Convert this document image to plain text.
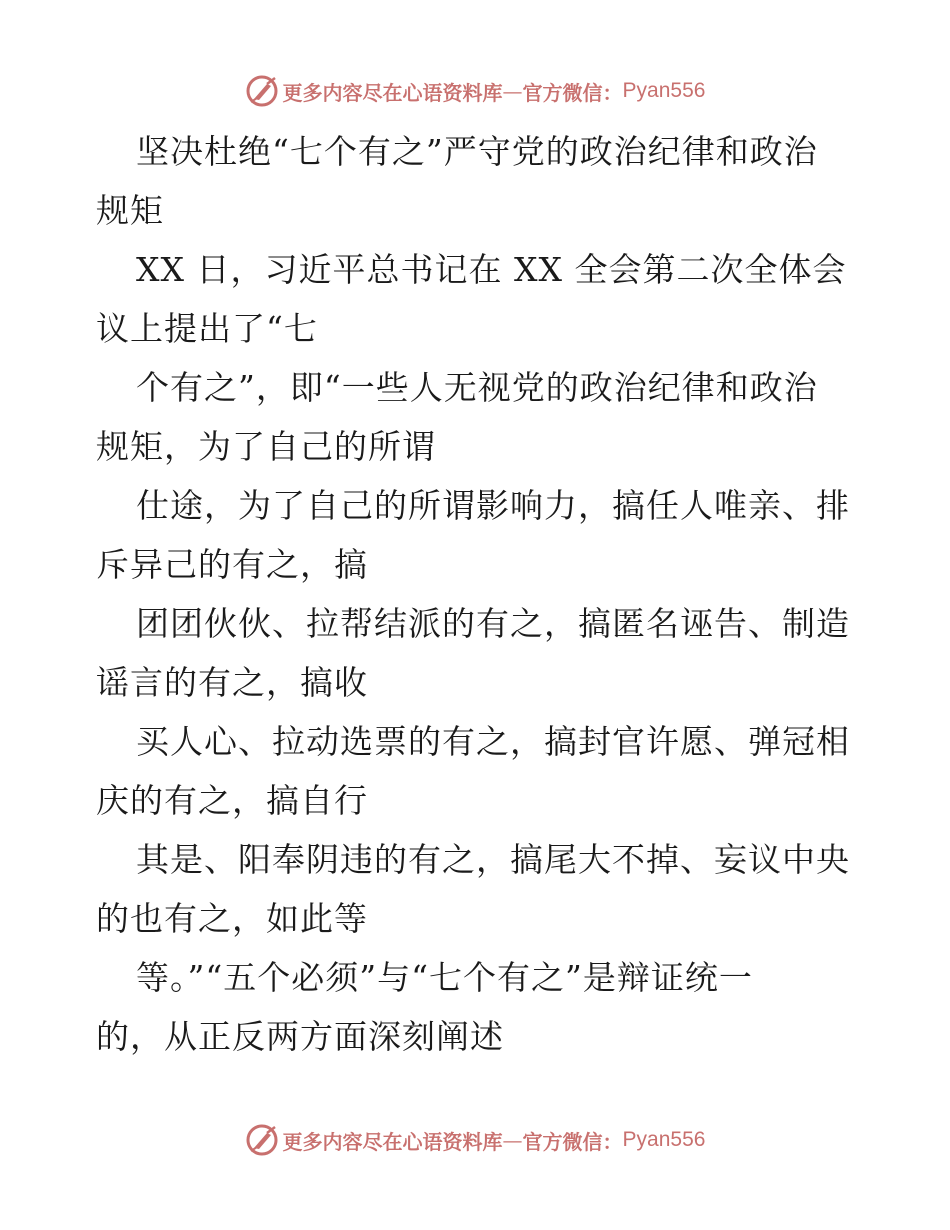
更多内容尽在心语资料库 — 官方微信： Pyan556

坚决杜绝“七个有之”严守党的政治纪律和政治
规矩

XX 日，习近平总书记在 XX 全会第二次全体会
议上提出了“七

个有之”，即“一些人无视党的政治纪律和政治
规矩，为了自己的所谓

仕途，为了自己的所谓影响力，搞任人唯亲、排
斥异己的有之，搞

团团伙伙、拉帮结派的有之，搞匿名诬告、制造
谣言的有之，搞收

买人心、拉动选票的有之，搞封官许愿、弹冠相
庆的有之，搞自行

其是、阳奉阴违的有之，搞尾大不掉、妄议中央
的也有之，如此等

等。”“五个必须”与“七个有之”是辩证统一
的，从正反两方面深刻阐述

更多内容尽在心语资料库 — 官方微信： Pyan556
